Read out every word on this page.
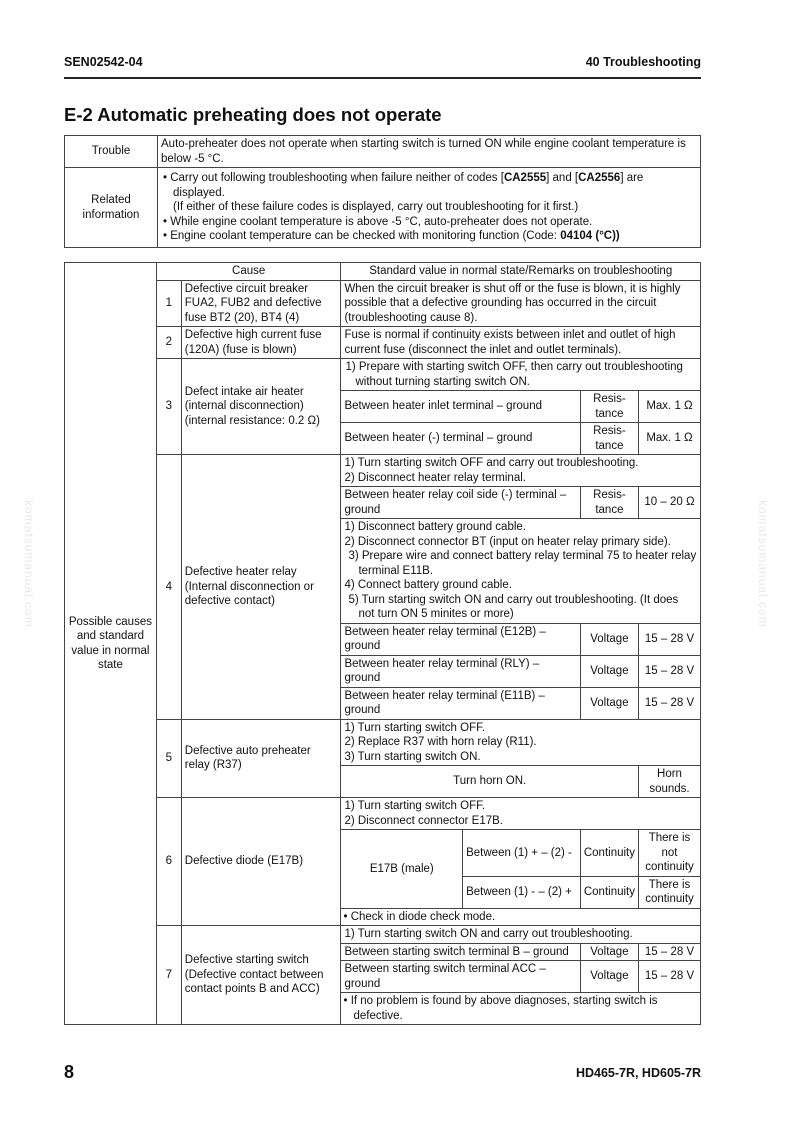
SEN02542-04	40 Troubleshooting
E-2 Automatic preheating does not operate
Trouble	Auto-preheater does not operate when starting switch is turned ON while engine coolant temperature is below -5 °C.
Related information	• Carry out following troubleshooting when failure neither of codes [CA2555] and [CA2556] are displayed.
(If either of these failure codes is displayed, carry out troubleshooting for it first.)
• While engine coolant temperature is above -5 °C, auto-preheater does not operate.
• Engine coolant temperature can be checked with monitoring function (Code: 04104 (°C))
Possible causes and standard value in normal state	Cause		Standard value in normal state/Remarks on troubleshooting			
	1	Defective circuit breaker FUA2, FUB2 and defective fuse BT2 (20), BT4 (4)	When the circuit breaker is shut off or the fuse is blown, it is highly possible that a defective grounding has occurred in the circuit (troubleshooting cause 8).			
	2	Defective high current fuse (120A) (fuse is blown)	Fuse is normal if continuity exists between inlet and outlet of high current fuse (disconnect the inlet and outlet terminals).			
	3	Defect intake air heater (internal disconnection) (internal resistance: 0.2 Ω)	1) Prepare with starting switch OFF, then carry out troubleshooting without turning starting switch ON.			
			Between heater inlet terminal – ground		Resis-tance	Max. 1 Ω
			Between heater (-) terminal – ground		Resis-tance	Max. 1 Ω
	4	Defective heater relay (Internal disconnection or defective contact)	1) Turn starting switch OFF and carry out troubleshooting.
2) Disconnect heater relay terminal.			

			Between heater relay coil side (-) terminal – ground		Resis-tance	10 – 20 Ω

			1) Disconnect battery ground cable.
2) Disconnect connector BT (input on heater relay primary side).
3) Prepare wire and connect battery relay terminal 75 to heater relay terminal E11B.
4) Connect battery ground cable.
5) Turn starting switch ON and carry out troubleshooting. (It does not turn ON 5 minites or more)			

			Between heater relay terminal (E12B) – ground		Voltage	15 – 28 V
			Between heater relay terminal (RLY) – ground		Voltage	15 – 28 V
			Between heater relay terminal (E11B) – ground		Voltage	15 – 28 V
	5	Defective auto preheater relay (R37)	1) Turn starting switch OFF.
2) Replace R37 with horn relay (R11).
3) Turn starting switch ON.			

			Turn horn ON.			Horn sounds.
	6	Defective diode (E17B)	1) Turn starting switch OFF.
2) Disconnect connector E17B.			

			E17B (male)	Between (1) + – (2) -	Continuity	There is not continuity
				Between (1) - – (2) +	Continuity	There is continuity
			• Check in diode check mode.			
	7	Defective starting switch (Defective contact between contact points B and ACC)	1) Turn starting switch ON and carry out troubleshooting.			
			Between starting switch terminal B – ground		Voltage	15 – 28 V
			Between starting switch terminal ACC – ground		Voltage	15 – 28 V
			• If no problem is found by above diagnoses, starting switch is defective.			
komatsumanual.com	komatsumanual.com
8	HD465-7R, HD605-7R
